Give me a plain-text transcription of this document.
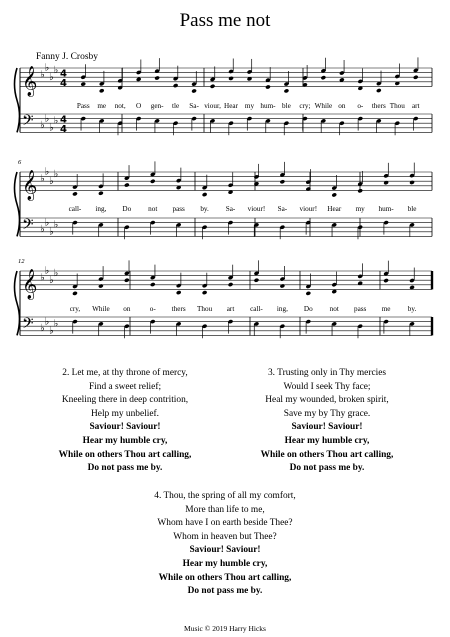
Pass me not
Fanny J. Crosby
𝄞 ♭
♭
♭
♭ 4
4
𝄢 ♭
♭
♭
♭ 4
4
Pass me not, O gen- tle Sa- viour, Hear my hum- ble cry; While on o- thers Thou art
𝄞 ♭
♭
♭
♭
𝄢 ♭
♭
♭
♭
6
call- ing, Do not pass by. Sa- viour! Sa- viour! Hear my hum- ble
𝄞 ♭
♭
♭
♭
𝄢 ♭
♭
♭
♭
12
cry, While on	o- thers Thou art call- ing, Do not pass me by.
2. Let me, at thy throne of mercy,
Find a sweet relief;
Kneeling there in deep contrition,
Help my unbelief.
Saviour! Saviour!
Hear my humble cry,
While on others Thou art calling,
Do not pass me by.
3. Trusting only in Thy mercies
Would I seek Thy face;
Heal my wounded, broken spirit,
Save my by Thy grace.
Saviour! Saviour!
Hear my humble cry,
While on others Thou art calling,
Do not pass me by.
4. Thou, the spring of all my comfort,
More than life to me,
Whom have I on earth beside Thee?
Whom in heaven but Thee?
Saviour! Saviour!
Hear my humble cry,
While on others Thou art calling,
Do not pass me by.
Music © 2019 Harry Hicks
